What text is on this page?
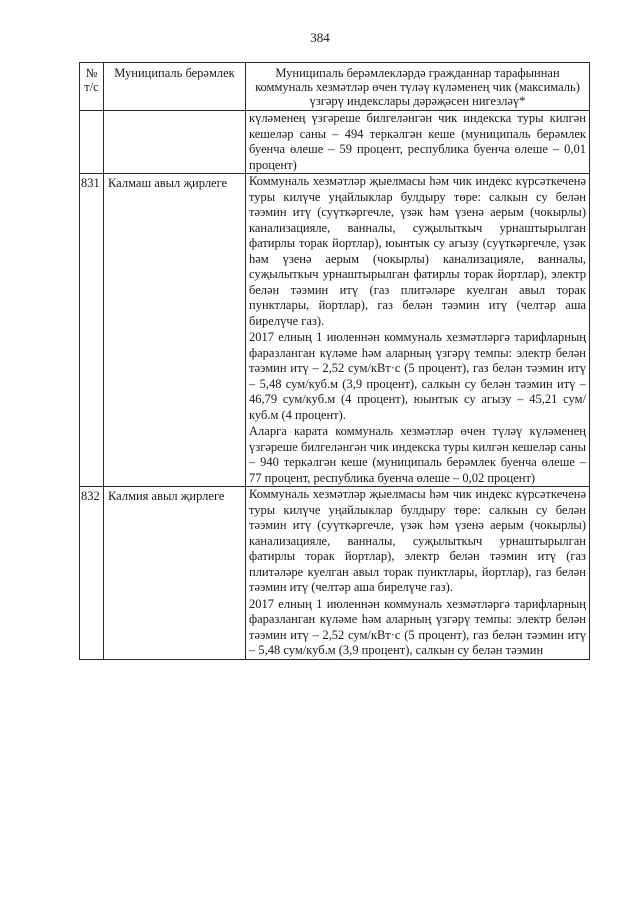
384
№ т/с	Муниципаль берәмлек	Муниципаль берәмлекләрдә гражданнар тарафыннан коммуналь хезмәтләр өчен түләү күләменең чик (максималь) үзгәрү индекслары дәрәҗәсен нигезләү*

		күләменең үзгәреше билгеләнгән чик индекска туры килгән кешеләр саны – 494 теркәлгән кеше (муниципаль берәмлек буенча өлеше – 59 процент, республика буенча өлеше – 0,01 процент)

831	Калмаш авыл җирлеге	Коммуналь хезмәтләр җыелмасы һәм чик индекс күрсәткеченә туры килүче уңайлыклар булдыру төре: салкын су белән тәэмин итү (суүткәргечле, үзәк һәм үзенә аерым (чокырлы) канализацияле, ванналы, суҗылыткыч урнаштырылган фатирлы торак йортлар), юынтык су агызу (суүткәргечле, үзәк һәм үзенә аерым (чокырлы) канализацияле, ванналы, суҗылыткыч урнаштырылган фатирлы торак йортлар), электр белән тәэмин итү (газ плитәләре куелган авыл торак пунктлары, йортлар), газ белән тәэмин итү (челтәр аша бирелүче газ).
2017 елның 1 июленнән коммуналь хезмәтләргә тарифларның фаразланган күләме һәм аларның үзгәрү темпы: электр белән тәэмин итү – 2,52 сум/кВт·с (5 процент), газ белән тәэмин итү – 5,48 сум/куб.м (3,9 процент), салкын су белән тәэмин итү – 46,79 сум/куб.м (4 процент), юынтык су агызу – 45,21 сум/куб.м (4 процент).
Аларга карата коммуналь хезмәтләр өчен түләү күләменең үзгәреше билгеләнгән чик индекска туры килгән кешеләр саны – 940 теркәлгән кеше (муниципаль берәмлек буенча өлеше – 77 процент, республика буенча өлеше – 0,02 процент)

832	Калмия авыл җирлеге	Коммуналь хезмәтләр җыелмасы һәм чик индекс күрсәткеченә туры килүче уңайлыклар булдыру төре: салкын су белән тәэмин итү (суүткәргечле, үзәк һәм үзенә аерым (чокырлы) канализацияле, ванналы, суҗылыткыч урнаштырылган фатирлы торак йортлар), электр белән тәэмин итү (газ плитәләре куелган авыл торак пунктлары, йортлар), газ белән тәэмин итү (челтәр аша бирелүче газ).
2017 елның 1 июленнән коммуналь хезмәтләргә тарифларның фаразланган күләме һәм аларның үзгәрү темпы: электр белән тәэмин итү – 2,52 сум/кВт·с (5 процент), газ белән тәэмин итү – 5,48 сум/куб.м (3,9 процент), салкын су белән тәэмин
